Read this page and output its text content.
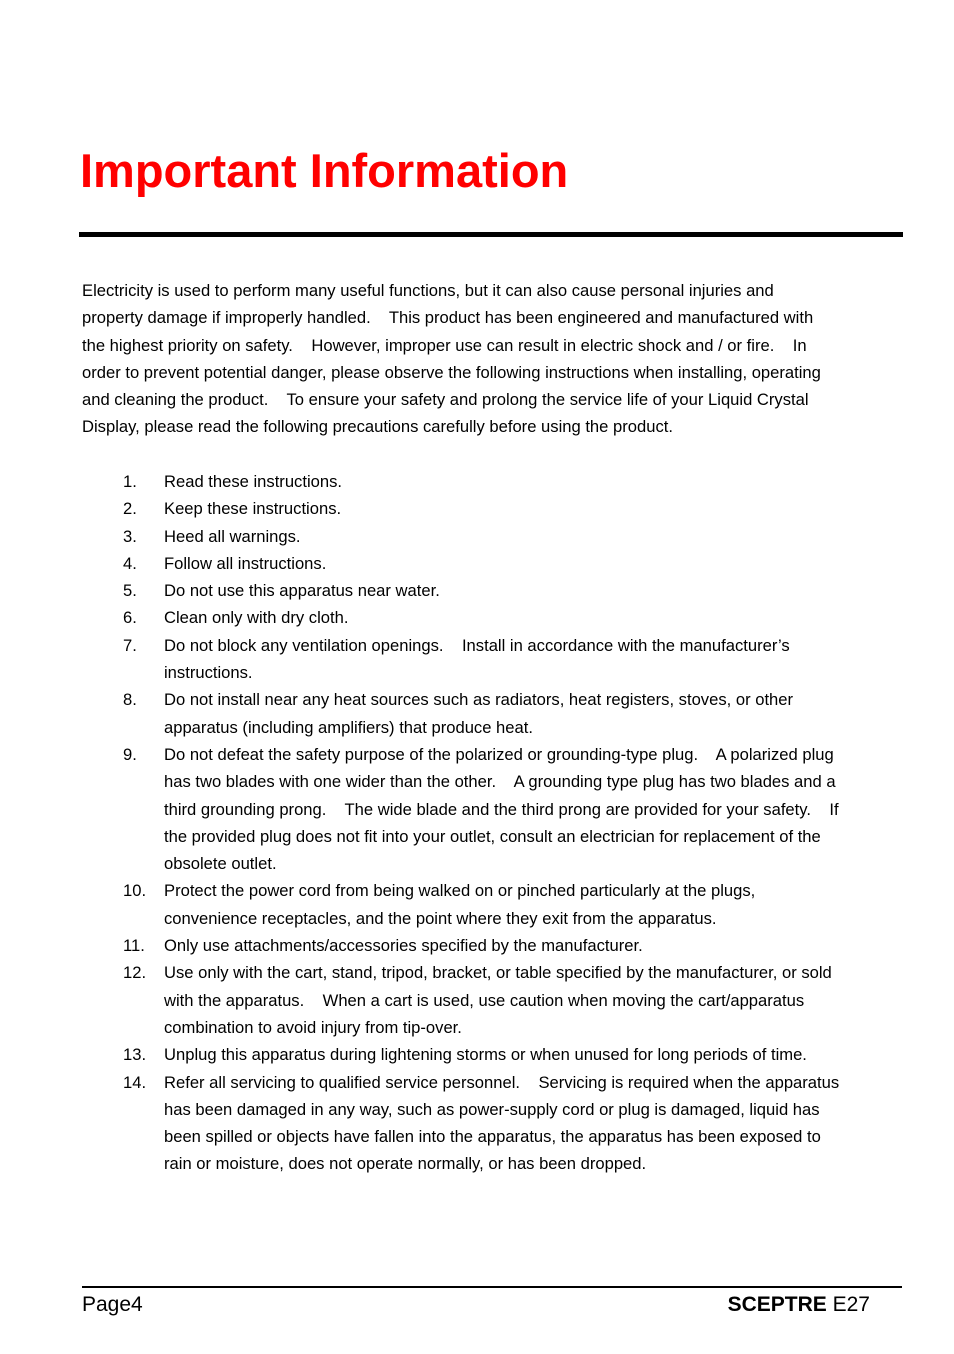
Important Information
Electricity is used to perform many useful functions, but it can also cause personal injuries and
property damage if improperly handled.    This product has been engineered and manufactured with
the highest priority on safety.    However, improper use can result in electric shock and / or fire.    In
order to prevent potential danger, please observe the following instructions when installing, operating
and cleaning the product.    To ensure your safety and prolong the service life of your Liquid Crystal
Display, please read the following precautions carefully before using the product.
1. Read these instructions.
2. Keep these instructions.
3. Heed all warnings.
4. Follow all instructions.
5. Do not use this apparatus near water.
6. Clean only with dry cloth.
7. Do not block any ventilation openings.    Install in accordance with the manufacturer’s
instructions.
8. Do not install near any heat sources such as radiators, heat registers, stoves, or other
apparatus (including amplifiers) that produce heat.
9. Do not defeat the safety purpose of the polarized or grounding-type plug.    A polarized plug
has two blades with one wider than the other.    A grounding type plug has two blades and a
third grounding prong.    The wide blade and the third prong are provided for your safety.    If
the provided plug does not fit into your outlet, consult an electrician for replacement of the
obsolete outlet.
10. Protect the power cord from being walked on or pinched particularly at the plugs,
convenience receptacles, and the point where they exit from the apparatus.
11. Only use attachments/accessories specified by the manufacturer.
12. Use only with the cart, stand, tripod, bracket, or table specified by the manufacturer, or sold
with the apparatus.    When a cart is used, use caution when moving the cart/apparatus
combination to avoid injury from tip-over.
13. Unplug this apparatus during lightening storms or when unused for long periods of time.
14. Refer all servicing to qualified service personnel.    Servicing is required when the apparatus
has been damaged in any way, such as power-supply cord or plug is damaged, liquid has
been spilled or objects have fallen into the apparatus, the apparatus has been exposed to
rain or moisture, does not operate normally, or has been dropped.
Page4	SCEPTRE E27
